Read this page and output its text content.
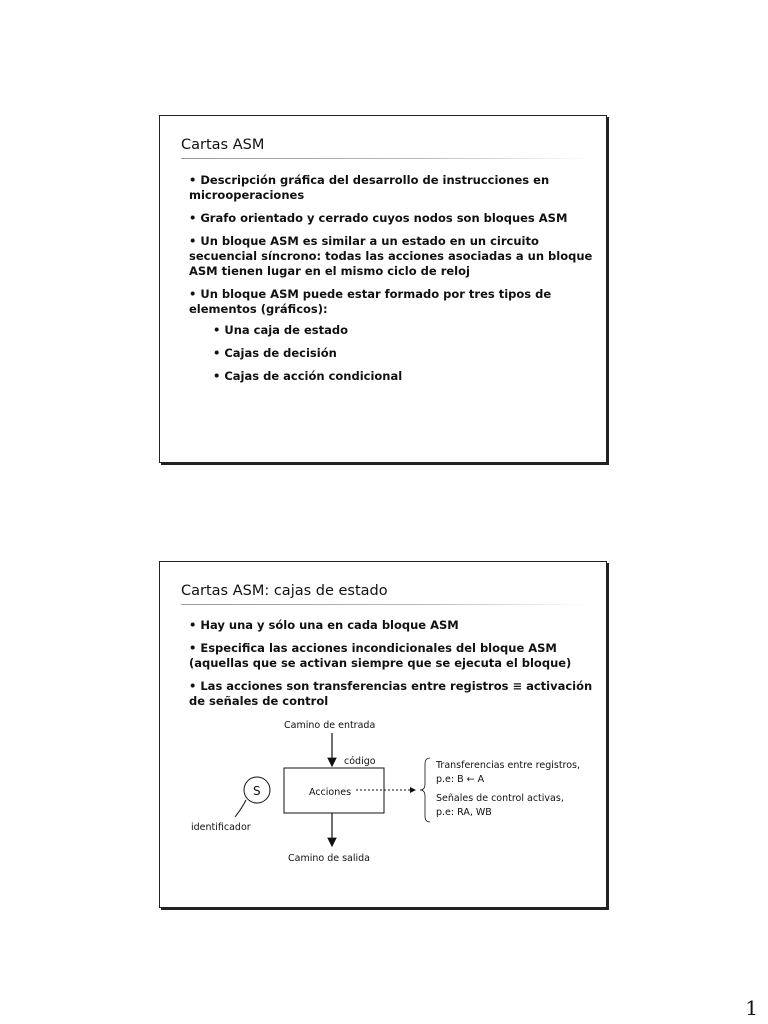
Cartas ASM
• Descripción gráfica del desarrollo de instrucciones en microoperaciones
• Grafo orientado y cerrado cuyos nodos son bloques ASM
• Un bloque ASM es similar a un estado en un circuito secuencial síncrono: todas las acciones asociadas a un bloque ASM tienen lugar en el mismo ciclo de reloj
• Un bloque ASM puede estar formado por tres tipos de elementos (gráficos):
• Una caja de estado
• Cajas de decisión
• Cajas de acción condicional
Cartas ASM: cajas de estado
• Hay una y sólo una en cada bloque ASM
• Especifica las acciones incondicionales del bloque ASM (aquellas que se activan siempre que se ejecuta el bloque)
• Las acciones son transferencias entre registros ≡ activación de señales de control
Camino de entrada
código
Acciones
S
identificador
Transferencias entre registros,
p.e: B ← A
Señales de control activas,
p.e: RA, WB
Camino de salida
1
